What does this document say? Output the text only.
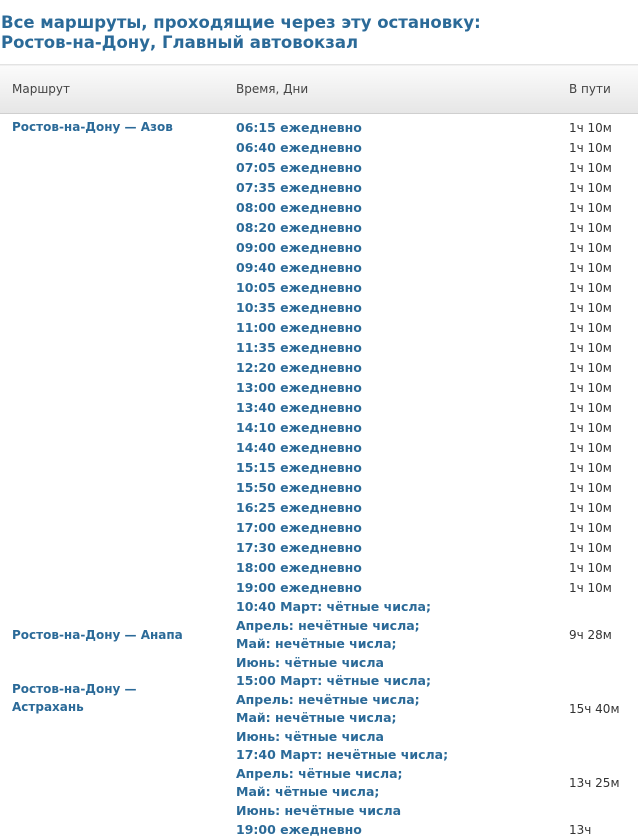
Все маршруты, проходящие через эту остановку:
Ростов-на-Дону, Главный автовокзал
Маршрут	Время, Дни	В пути

Ростов-на-Дону — Азов	06:15 ежедневно	1ч 10м
	06:40 ежедневно	1ч 10м
	07:05 ежедневно	1ч 10м
	07:35 ежедневно	1ч 10м
	08:00 ежедневно	1ч 10м
	08:20 ежедневно	1ч 10м
	09:00 ежедневно	1ч 10м
	09:40 ежедневно	1ч 10м
	10:05 ежедневно	1ч 10м
	10:35 ежедневно	1ч 10м
	11:00 ежедневно	1ч 10м
	11:35 ежедневно	1ч 10м
	12:20 ежедневно	1ч 10м
	13:00 ежедневно	1ч 10м
	13:40 ежедневно	1ч 10м
	14:10 ежедневно	1ч 10м
	14:40 ежедневно	1ч 10м
	15:15 ежедневно	1ч 10м
	15:50 ежедневно	1ч 10м
	16:25 ежедневно	1ч 10м
	17:00 ежедневно	1ч 10м
	17:30 ежедневно	1ч 10м
	18:00 ежедневно	1ч 10м
	19:00 ежедневно	1ч 10м
Ростов-на-Дону — Анапа	10:40 Март: чётные числа;
Апрель: нечётные числа;
Май: нечётные числа;
Июнь: чётные числа	9ч 28м
Ростов-на-Дону —
Астрахань	15:00 Март: чётные числа;
Апрель: нечётные числа;
Май: нечётные числа;
Июнь: чётные числа	15ч 40м
	17:40 Март: нечётные числа;
Апрель: чётные числа;
Май: чётные числа;
Июнь: нечётные числа	13ч 25м
	19:00 ежедневно	13ч
